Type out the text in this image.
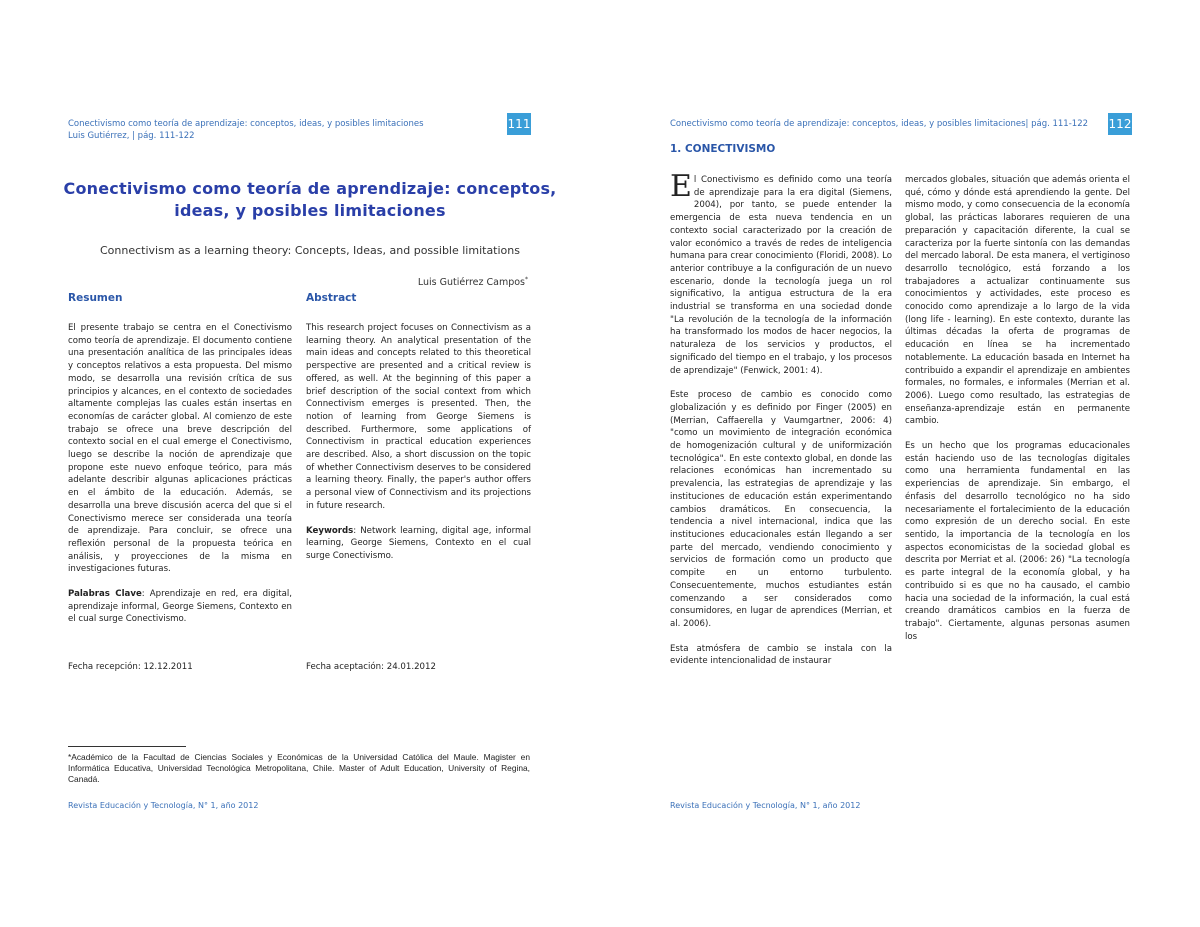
Conectivismo como teoría de aprendizaje: conceptos, ideas, y posibles limitaciones
Luis Gutiérrez, | pág. 111-122
111
Conectivismo como teoría de aprendizaje: conceptos,
ideas, y posibles limitaciones
Connectivism as a learning theory: Concepts, Ideas, and possible limitations
Luis Gutiérrez Campos*
Resumen	Abstract

El presente trabajo se centra en el Conectivismo como teoría de aprendizaje. El documento contiene una presentación analítica de las principales ideas y conceptos relativos a esta propuesta. Del mismo modo, se desarrolla una revisión crítica de sus principios y alcances, en el contexto de sociedades altamente complejas las cuales están insertas en economías de carácter global. Al comienzo de este trabajo se ofrece una breve descripción del contexto social en el cual emerge el Conectivismo, luego se describe la noción de aprendizaje que propone este nuevo enfoque teórico, para más adelante describir algunas aplicaciones prácticas en el ámbito de la educación. Además, se desarrolla una breve discusión acerca del que si el Conectivismo merece ser considerada una teoría de aprendizaje. Para concluir, se ofrece una reflexión personal de la propuesta teórica en análisis, y proyecciones de la misma en investigaciones futuras.

Palabras Clave: Aprendizaje en red, era digital, aprendizaje informal, George Siemens, Contexto en el cual surge Conectivismo.

This research project focuses on Connectivism as a learning theory. An analytical presentation of the main ideas and concepts related to this theoretical perspective are presented and a critical review is offered, as well. At the beginning of this paper a brief description of the social context from which Connectivism emerges is presented. Then, the notion of learning from George Siemens is described. Furthermore, some applications of Connectivism in practical education experiences are described. Also, a short discussion on the topic of whether Connectivism deserves to be considered a learning theory. Finally, the paper's author offers a personal view of Connectivism and its projections in future research.

Keywords: Network learning, digital age, informal learning, George Siemens, Contexto en el cual surge Conectivismo.

Fecha recepción: 12.12.2011	Fecha aceptación: 24.01.2012
*Académico de la Facultad de Ciencias Sociales y Económicas de la Universidad Católica del Maule. Magister en Informática Educativa, Universidad Tecnológica Metropolitana, Chile. Master of Adult Education, University of Regina, Canadá.
Revista Educación y Tecnología, N° 1, año 2012
Conectivismo como teoría de aprendizaje: conceptos, ideas, y posibles limitaciones| pág. 111-122 112
1. CONECTIVISMO

El Conectivismo es definido como una teoría de aprendizaje para la era digital (Siemens, 2004), por tanto, se puede entender la emergencia de esta nueva tendencia en un contexto social caracterizado por la creación de valor económico a través de redes de inteligencia humana para crear conocimiento (Floridi, 2008). Lo anterior contribuye a la configuración de un nuevo escenario, donde la tecnología juega un rol significativo, la antigua estructura de la era industrial se transforma en una sociedad donde "La revolución de la tecnología de la información ha transformado los modos de hacer negocios, la naturaleza de los servicios y productos, el significado del tiempo en el trabajo, y los procesos de aprendizaje" (Fenwick, 2001: 4).

Este proceso de cambio es conocido como globalización y es definido por Finger (2005) en (Merrian, Caffaerella y Vaumgartner, 2006: 4) "como un movimiento de integración económica de homogenización cultural y de uniformización tecnológica". En este contexto global, en donde las relaciones económicas han incrementado su prevalencia, las estrategias de aprendizaje y las instituciones de educación están experimentando cambios dramáticos. En consecuencia, la tendencia a nivel internacional, indica que las instituciones educacionales están llegando a ser parte del mercado, vendiendo conocimiento y servicios de formación como un producto que compite en un entorno turbulento. Consecuentemente, muchos estudiantes están comenzando a ser considerados como consumidores, en lugar de aprendices (Merrian, et al. 2006).

Esta atmósfera de cambio se instala con la evidente intencionalidad de instaurar

mercados globales, situación que además orienta el qué, cómo y dónde está aprendiendo la gente. Del mismo modo, y como consecuencia de la economía global, las prácticas laborares requieren de una preparación y capacitación diferente, la cual se caracteriza por la fuerte sintonía con las demandas del mercado laboral. De esta manera, el vertiginoso desarrollo tecnológico, está forzando a los trabajadores a actualizar continuamente sus conocimientos y actividades, este proceso es conocido como aprendizaje a lo largo de la vida (long life - learning). En este contexto, durante las últimas décadas la oferta de programas de educación en línea se ha incrementado notablemente. La educación basada en Internet ha contribuido a expandir el aprendizaje en ambientes formales, no formales, e informales (Merrian et al. 2006). Luego como resultado, las estrategias de enseñanza-aprendizaje están en permanente cambio.

Es un hecho que los programas educacionales están haciendo uso de las tecnologías digitales como una herramienta fundamental en las experiencias de aprendizaje. Sin embargo, el énfasis del desarrollo tecnológico no ha sido necesariamente el fortalecimiento de la educación como expresión de un derecho social. En este sentido, la importancia de la tecnología en los aspectos economicistas de la sociedad global es descrita por Merriat et al. (2006: 26) "La tecnología es parte integral de la economía global, y ha contribuido si es que no ha causado, el cambio hacia una sociedad de la información, la cual está creando dramáticos cambios en la fuerza de trabajo". Ciertamente, algunas personas asumen los

Revista Educación y Tecnología, N° 1, año 2012
